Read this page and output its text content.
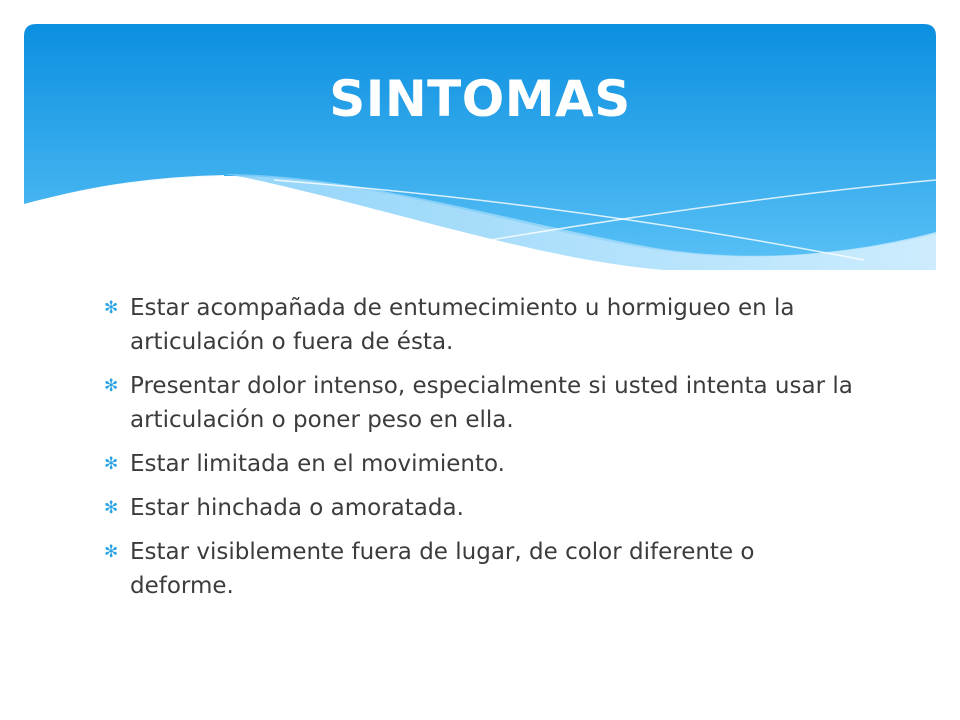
SINTOMAS
✻ Estar acompañada de entumecimiento u hormigueo en la articulación o fuera de ésta.
✻ Presentar dolor intenso, especialmente si usted intenta usar la articulación o poner peso en ella.
✻ Estar limitada en el movimiento.
✻ Estar hinchada o amoratada.
✻ Estar visiblemente fuera de lugar, de color diferente o deforme.
